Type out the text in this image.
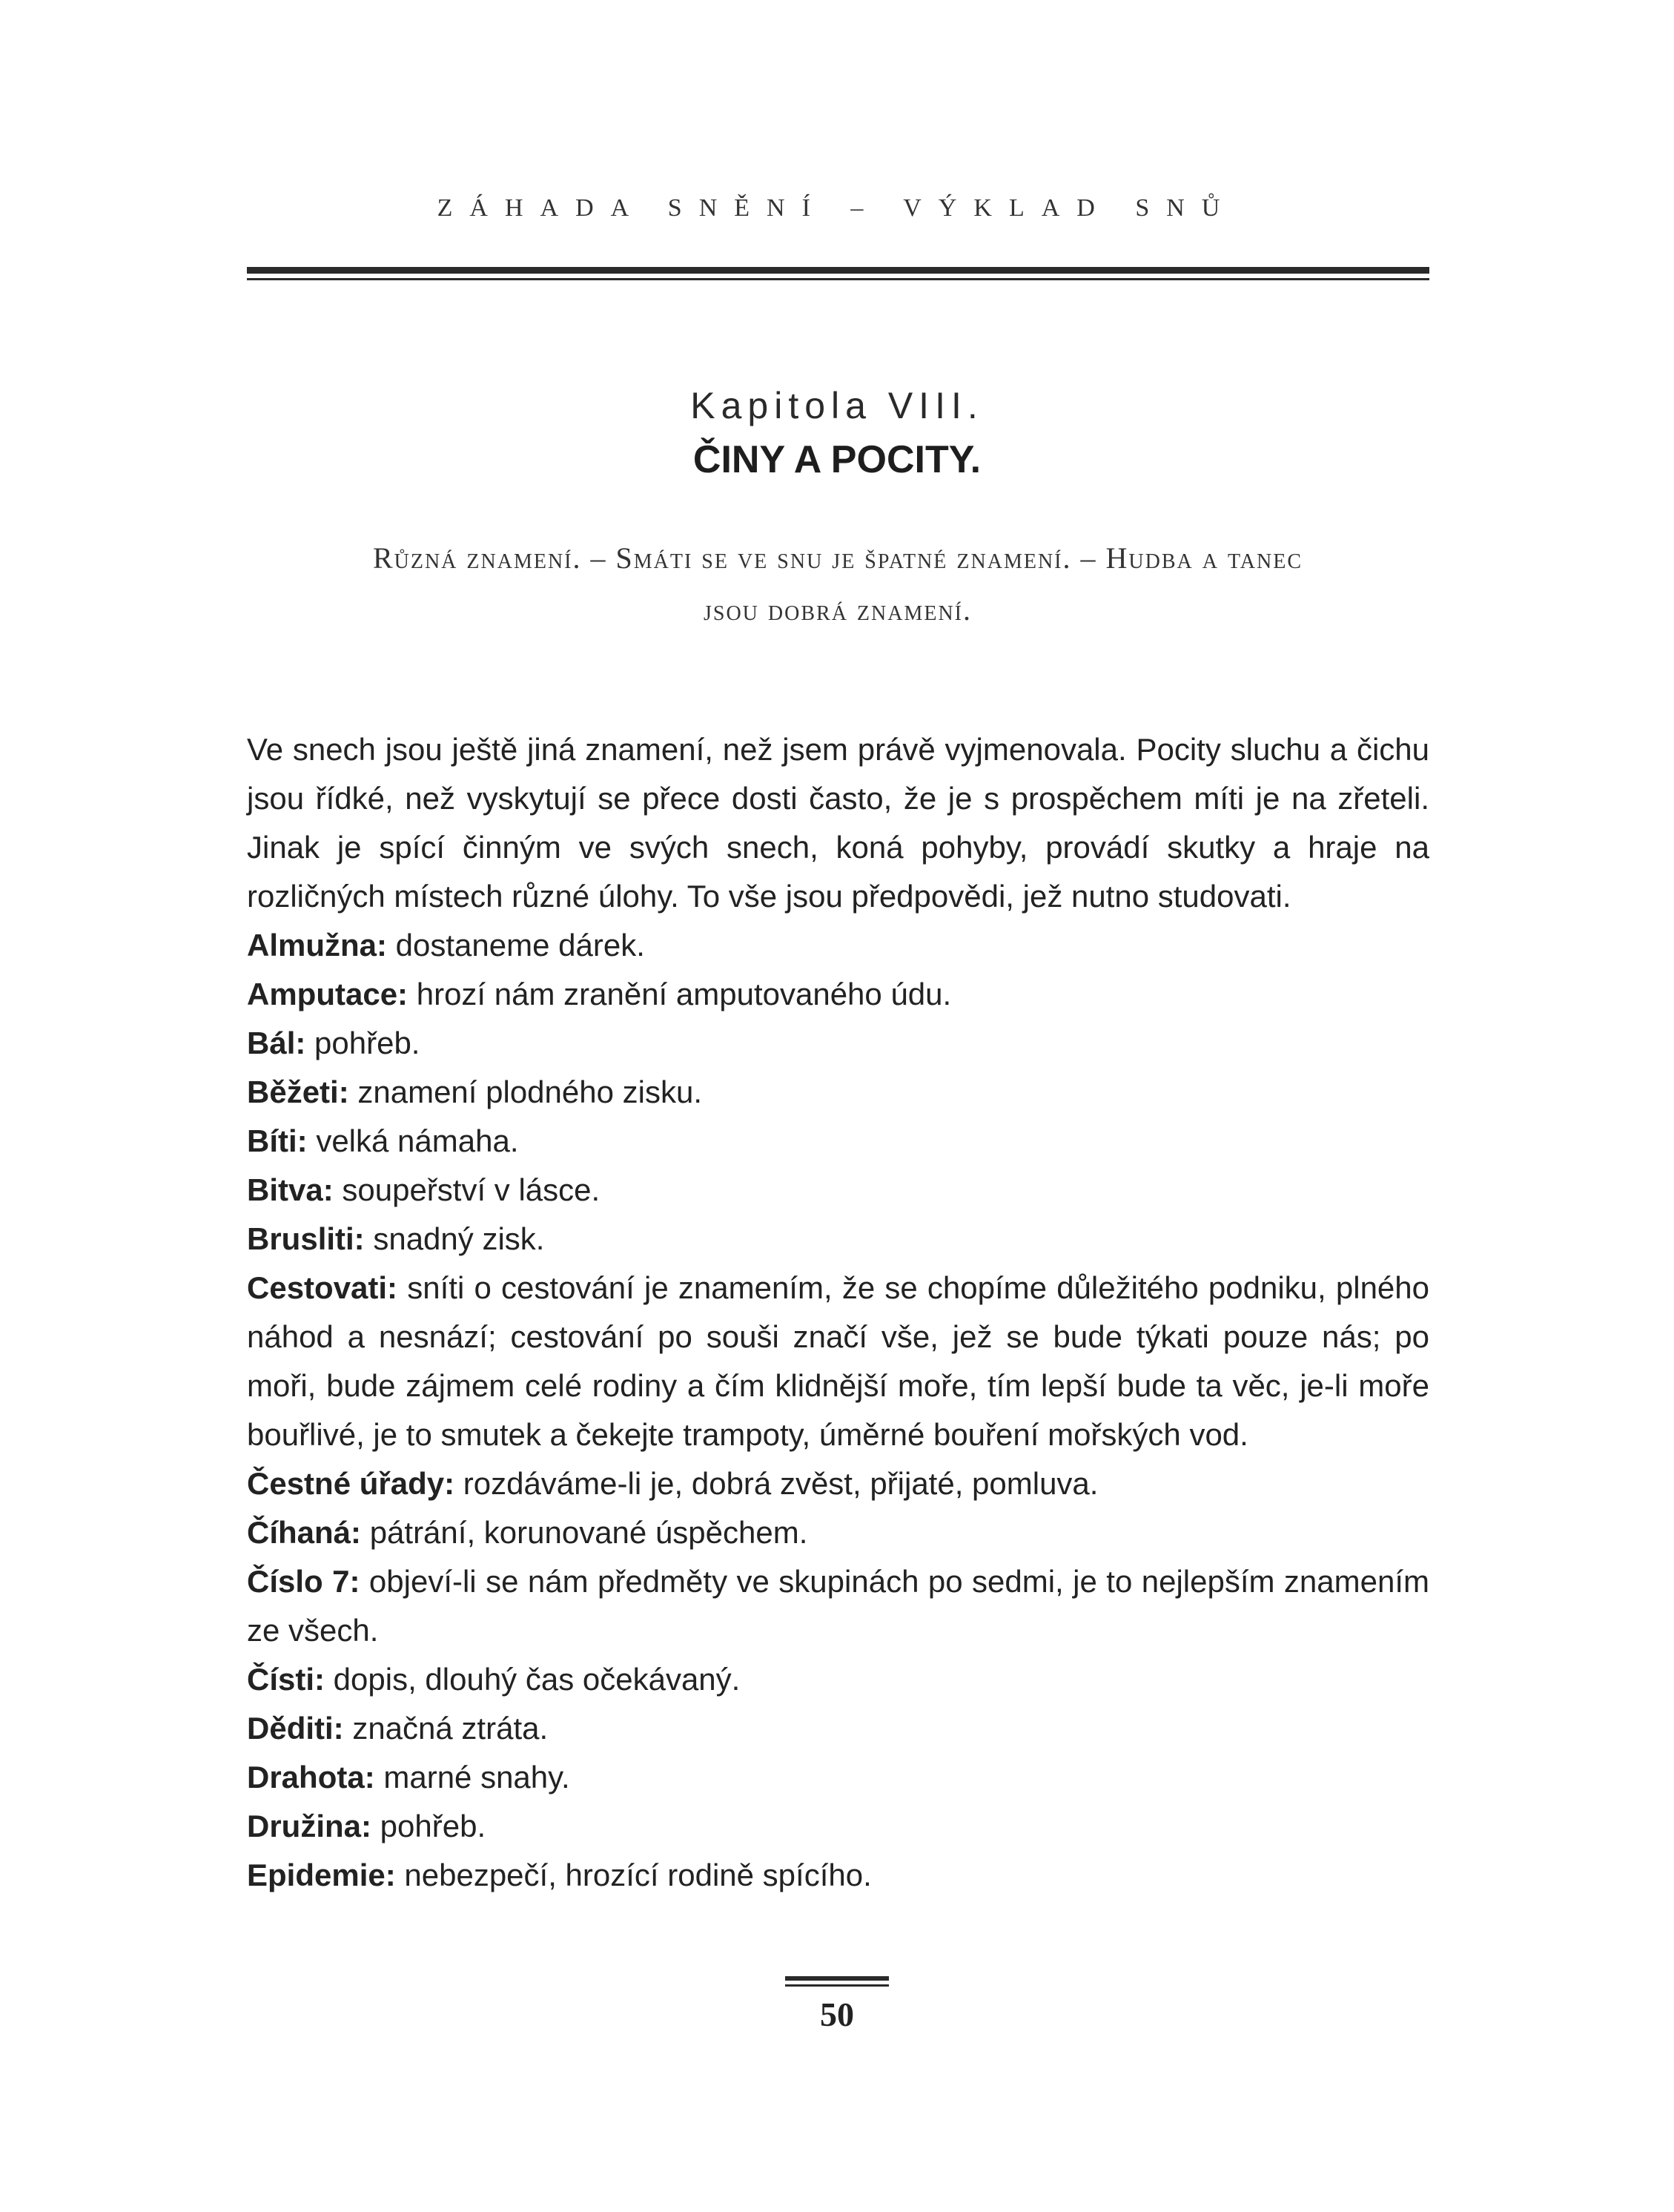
ZÁHADA SNĚNÍ – VÝKLAD SNŮ
Kapitola VIII.
ČINY A POCITY.
Různá znamení. – Smáti se ve snu je špatné znamení. – Hudba a tanec
jsou dobrá znamení.

Ve snech jsou ještě jiná znamení, než jsem právě vyjmenovala. Pocity sluchu a čichu jsou řídké, než vyskytují se přece dosti často, že je s prospěchem míti je na zřeteli. Jinak je spící činným ve svých snech, koná pohyby, provádí skutky a hraje na rozličných místech různé úlohy. To vše jsou předpovědi, jež nutno studovati.

Almužna: dostaneme dárek.

Amputace: hrozí nám zranění amputovaného údu.

Bál: pohřeb.

Běžeti: znamení plodného zisku.

Bíti: velká námaha.

Bitva: soupeřství v lásce.

Brusliti: snadný zisk.

Cestovati: sníti o cestování je znamením, že se chopíme důležitého podniku, plného náhod a nesnází; cestování po souši značí vše, jež se bude týkati pouze nás; po moři, bude zájmem celé rodiny a čím klidnější moře, tím lepší bude ta věc, je-li moře bouřlivé, je to smutek a čekejte trampoty, úměrné bouření mořských vod.

Čestné úřady: rozdáváme-li je, dobrá zvěst, přijaté, pomluva.

Číhaná: pátrání, korunované úspěchem.

Číslo 7: objeví-li se nám předměty ve skupinách po sedmi, je to nejlepším znamením ze všech.

Čísti: dopis, dlouhý čas očekávaný.

Děditi: značná ztráta.

Drahota: marné snahy.

Družina: pohřeb.

Epidemie: nebezpečí, hrozící rodině spícího.

50
